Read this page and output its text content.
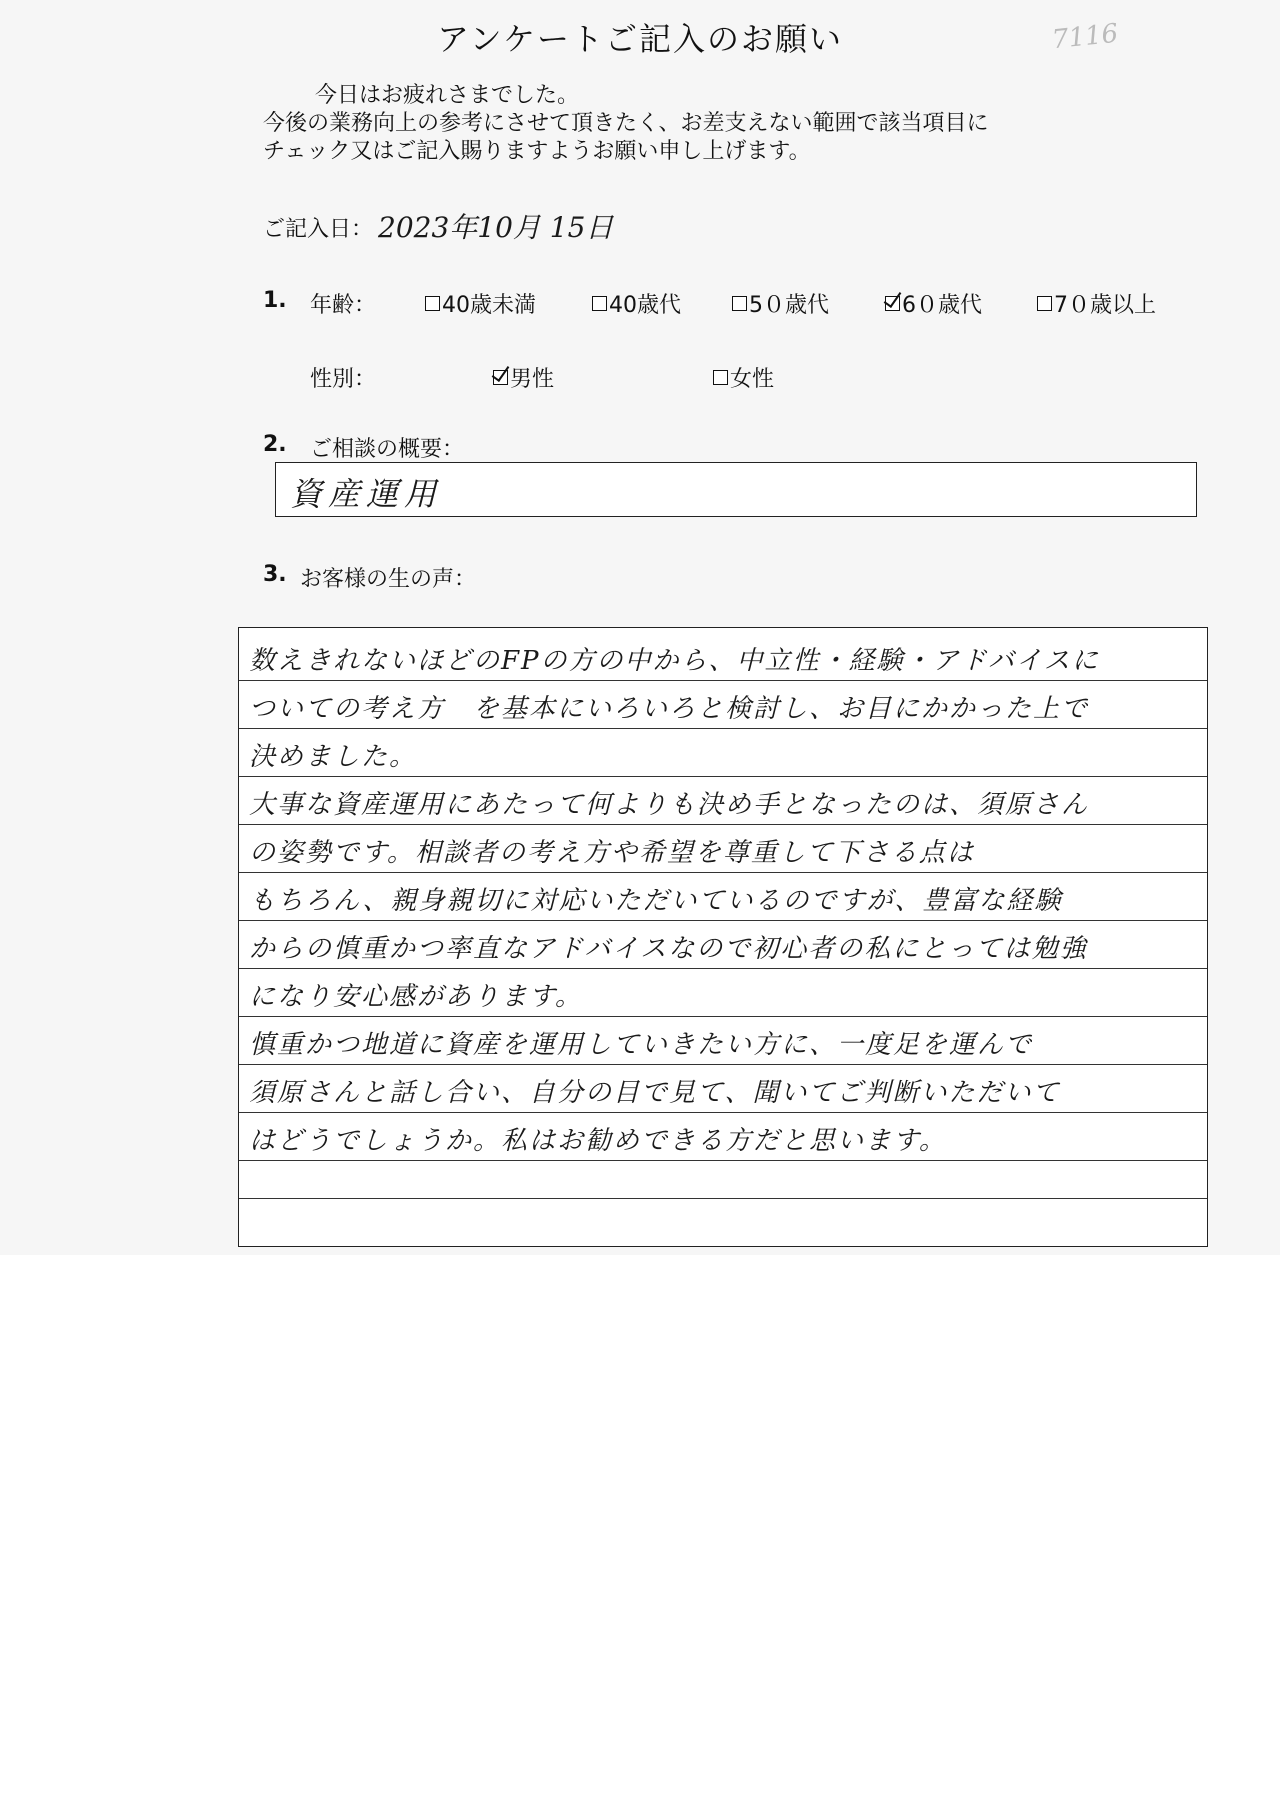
アンケートご記入のお願い	7116
今日はお疲れさまでした。
今後の業務向上の参考にさせて頂きたく、お差支えない範囲で該当項目に
チェック又はご記入賜りますようお願い申し上げます。
ご記入日： 2023年10月 15日
1. 年齢：	40歳未満	40歳代	5０歳代	6０歳代	7０歳以上
性別：	男性	女性
2. ご相談の概要：
資産運用
3. お客様の生の声：
数えきれないほどのFPの方の中から、中立性・経験・アドバイスに
ついての考え方　を基本にいろいろと検討し、お目にかかった上で
決めました。
大事な資産運用にあたって何よりも決め手となったのは、須原さん
の姿勢です。相談者の考え方や希望を尊重して下さる点は
もちろん、親身親切に対応いただいているのですが、豊富な経験
からの慎重かつ率直なアドバイスなので初心者の私にとっては勉強
になり安心感があります。
慎重かつ地道に資産を運用していきたい方に、一度足を運んで
須原さんと話し合い、自分の目で見て、聞いてご判断いただいて
はどうでしょうか。私はお勧めできる方だと思います。
